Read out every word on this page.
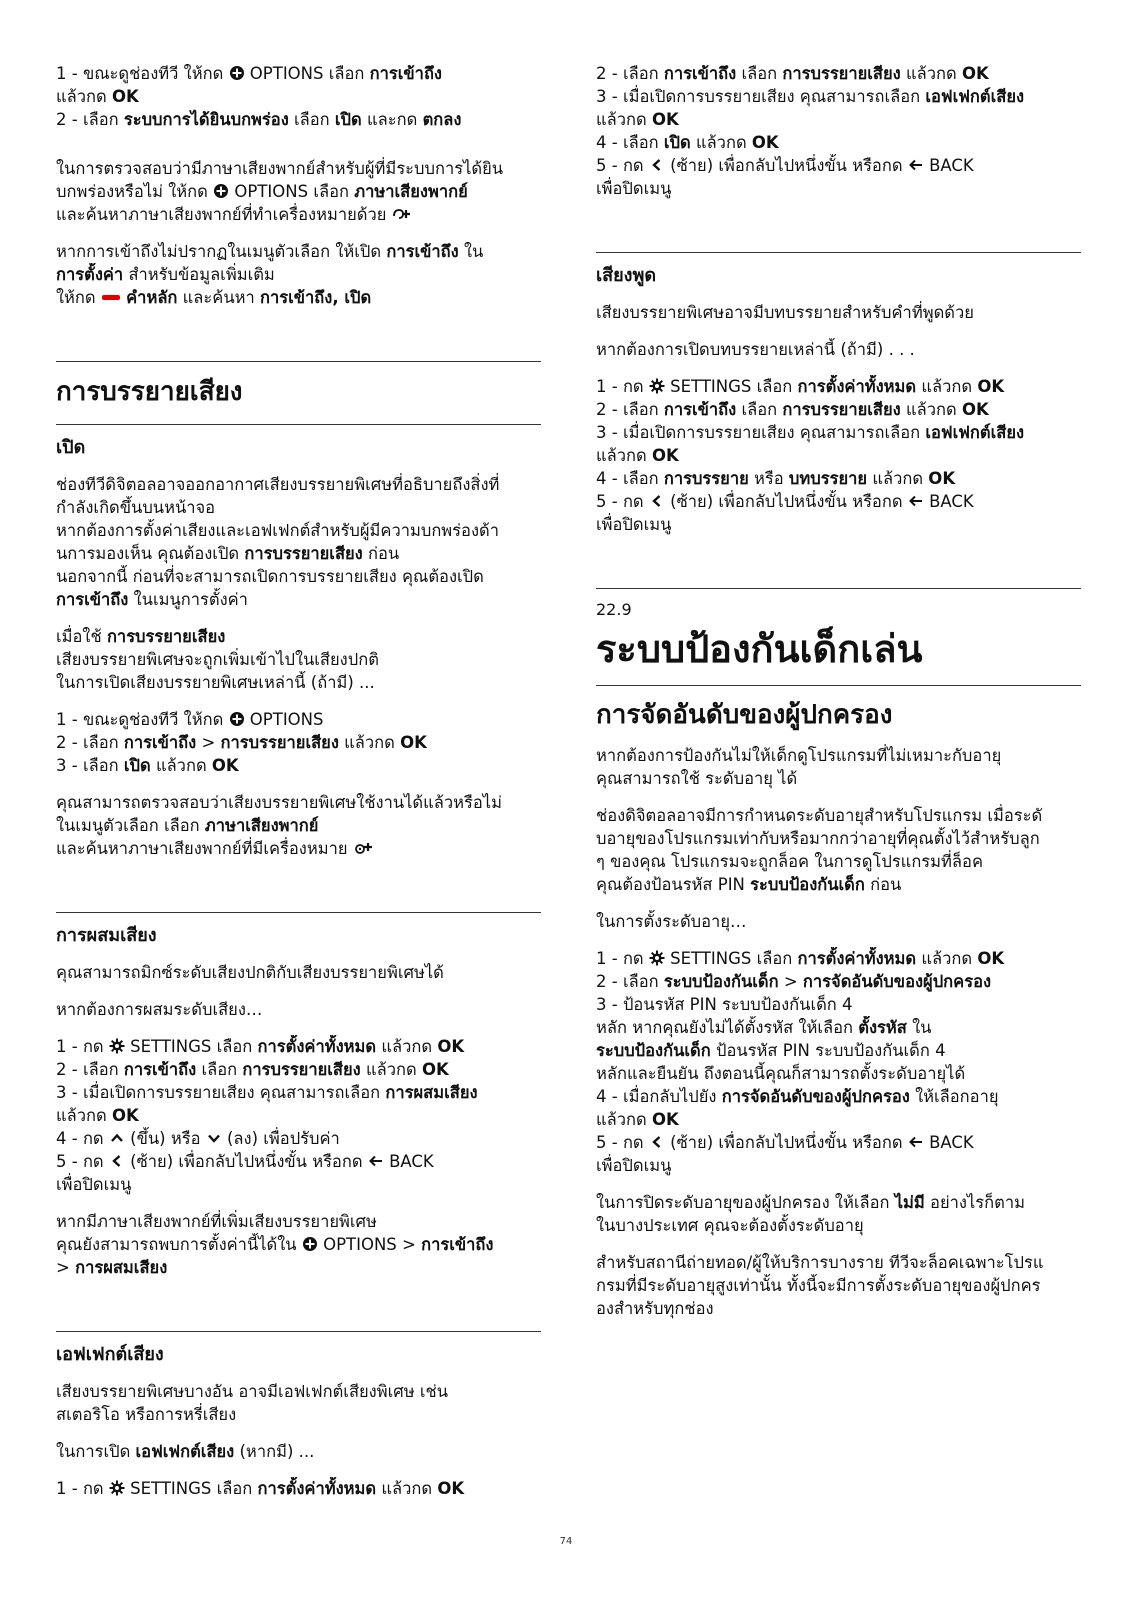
1 - ขณะดูช่องทีวี ให้กด OPTIONS เลือก การเข้าถึง

แล้วกด OK

2 - เลือก ระบบการได้ยินบกพร่อง เลือก เปิด และกด ตกลง

ในการตรวจสอบว่ามีภาษาเสียงพากย์สำหรับผู้ที่มีระบบการได้ยิน

บกพร่องหรือไม่ ให้กด OPTIONS เลือก ภาษาเสียงพากย์

และค้นหาภาษาเสียงพากย์ที่ทำเครื่องหมายด้วย

หากการเข้าถึงไม่ปรากฏในเมนูตัวเลือก ให้เปิด การเข้าถึง ใน

การตั้งค่า สำหรับข้อมูลเพิ่มเติม

ให้กด คำหลัก และค้นหา การเข้าถึง, เปิด

การบรรยายเสียง
เปิด

ช่องทีวีดิจิตอลอาจออกอากาศเสียงบรรยายพิเศษที่อธิบายถึงสิ่งที่

กำลังเกิดขึ้นบนหน้าจอ

หากต้องการตั้งค่าเสียงและเอฟเฟกต์สำหรับผู้มีความบกพร่องด้า

นการมองเห็น คุณต้องเปิด การบรรยายเสียง ก่อน

นอกจากนี้ ก่อนที่จะสามารถเปิดการบรรยายเสียง คุณต้องเปิด

การเข้าถึง ในเมนูการตั้งค่า

เมื่อใช้ การบรรยายเสียง

เสียงบรรยายพิเศษจะถูกเพิ่มเข้าไปในเสียงปกติ

ในการเปิดเสียงบรรยายพิเศษเหล่านี้ (ถ้ามี) ...

1 - ขณะดูช่องทีวี ให้กด OPTIONS

2 - เลือก การเข้าถึง > การบรรยายเสียง แล้วกด OK

3 - เลือก เปิด แล้วกด OK

คุณสามารถตรวจสอบว่าเสียงบรรยายพิเศษใช้งานได้แล้วหรือไม่

ในเมนูตัวเลือก เลือก ภาษาเสียงพากย์

และค้นหาภาษาเสียงพากย์ที่มีเครื่องหมาย

การผสมเสียง

คุณสามารถมิกซ์ระดับเสียงปกติกับเสียงบรรยายพิเศษได้

หากต้องการผสมระดับเสียง…

1 - กด SETTINGS เลือก การตั้งค่าทั้งหมด แล้วกด OK

2 - เลือก การเข้าถึง เลือก การบรรยายเสียง แล้วกด OK

3 - เมื่อเปิดการบรรยายเสียง คุณสามารถเลือก การผสมเสียง

แล้วกด OK

4 - กด (ขึ้น) หรือ (ลง) เพื่อปรับค่า

5 - กด (ซ้าย) เพื่อกลับไปหนึ่งขั้น หรือกด BACK

เพื่อปิดเมนู

หากมีภาษาเสียงพากย์ที่เพิ่มเสียงบรรยายพิเศษ

คุณยังสามารถพบการตั้งค่านี้ได้ใน OPTIONS > การเข้าถึง

> การผสมเสียง

เอฟเฟกต์เสียง

เสียงบรรยายพิเศษบางอัน อาจมีเอฟเฟกต์เสียงพิเศษ เช่น

สเตอริโอ หรือการหรี่เสียง

ในการเปิด เอฟเฟกต์เสียง (หากมี) ...

1 - กด SETTINGS เลือก การตั้งค่าทั้งหมด แล้วกด OK

2 - เลือก การเข้าถึง เลือก การบรรยายเสียง แล้วกด OK

3 - เมื่อเปิดการบรรยายเสียง คุณสามารถเลือก เอฟเฟกต์เสียง

แล้วกด OK

4 - เลือก เปิด แล้วกด OK

5 - กด (ซ้าย) เพื่อกลับไปหนึ่งขั้น หรือกด BACK

เพื่อปิดเมนู

เสียงพูด

เสียงบรรยายพิเศษอาจมีบทบรรยายสำหรับคำที่พูดด้วย

หากต้องการเปิดบทบรรยายเหล่านี้ (ถ้ามี) . . .

1 - กด SETTINGS เลือก การตั้งค่าทั้งหมด แล้วกด OK

2 - เลือก การเข้าถึง เลือก การบรรยายเสียง แล้วกด OK

3 - เมื่อเปิดการบรรยายเสียง คุณสามารถเลือก เอฟเฟกต์เสียง

แล้วกด OK

4 - เลือก การบรรยาย หรือ บทบรรยาย แล้วกด OK

5 - กด (ซ้าย) เพื่อกลับไปหนึ่งขั้น หรือกด BACK

เพื่อปิดเมนู

22.9

ระบบป้องกันเด็กเล่น
การจัดอันดับของผู้ปกครอง

หากต้องการป้องกันไม่ให้เด็กดูโปรแกรมที่ไม่เหมาะกับอายุ

คุณสามารถใช้ ระดับอายุ ได้

ช่องดิจิตอลอาจมีการกำหนดระดับอายุสำหรับโปรแกรม เมื่อระดั

บอายุของโปรแกรมเท่ากับหรือมากกว่าอายุที่คุณตั้งไว้สำหรับลูก

ๆ ของคุณ โปรแกรมจะถูกล็อค ในการดูโปรแกรมที่ล็อค

คุณต้องป้อนรหัส PIN ระบบป้องกันเด็ก ก่อน

ในการตั้งระดับอายุ…

1 - กด SETTINGS เลือก การตั้งค่าทั้งหมด แล้วกด OK

2 - เลือก ระบบป้องกันเด็ก > การจัดอันดับของผู้ปกครอง

3 - ป้อนรหัส PIN ระบบป้องกันเด็ก 4

หลัก หากคุณยังไม่ได้ตั้งรหัส ให้เลือก ตั้งรหัส ใน

ระบบป้องกันเด็ก ป้อนรหัส PIN ระบบป้องกันเด็ก 4

หลักและยืนยัน ถึงตอนนี้คุณก็สามารถตั้งระดับอายุได้

4 - เมื่อกลับไปยัง การจัดอันดับของผู้ปกครอง ให้เลือกอายุ

แล้วกด OK

5 - กด (ซ้าย) เพื่อกลับไปหนึ่งขั้น หรือกด BACK

เพื่อปิดเมนู

ในการปิดระดับอายุของผู้ปกครอง ให้เลือก ไม่มี อย่างไรก็ตาม

ในบางประเทศ คุณจะต้องตั้งระดับอายุ

สำหรับสถานีถ่ายทอด/ผู้ให้บริการบางราย ทีวีจะล็อคเฉพาะโปรแ

กรมที่มีระดับอายุสูงเท่านั้น ทั้งนี้จะมีการตั้งระดับอายุของผู้ปกคร

องสำหรับทุกช่อง

74
